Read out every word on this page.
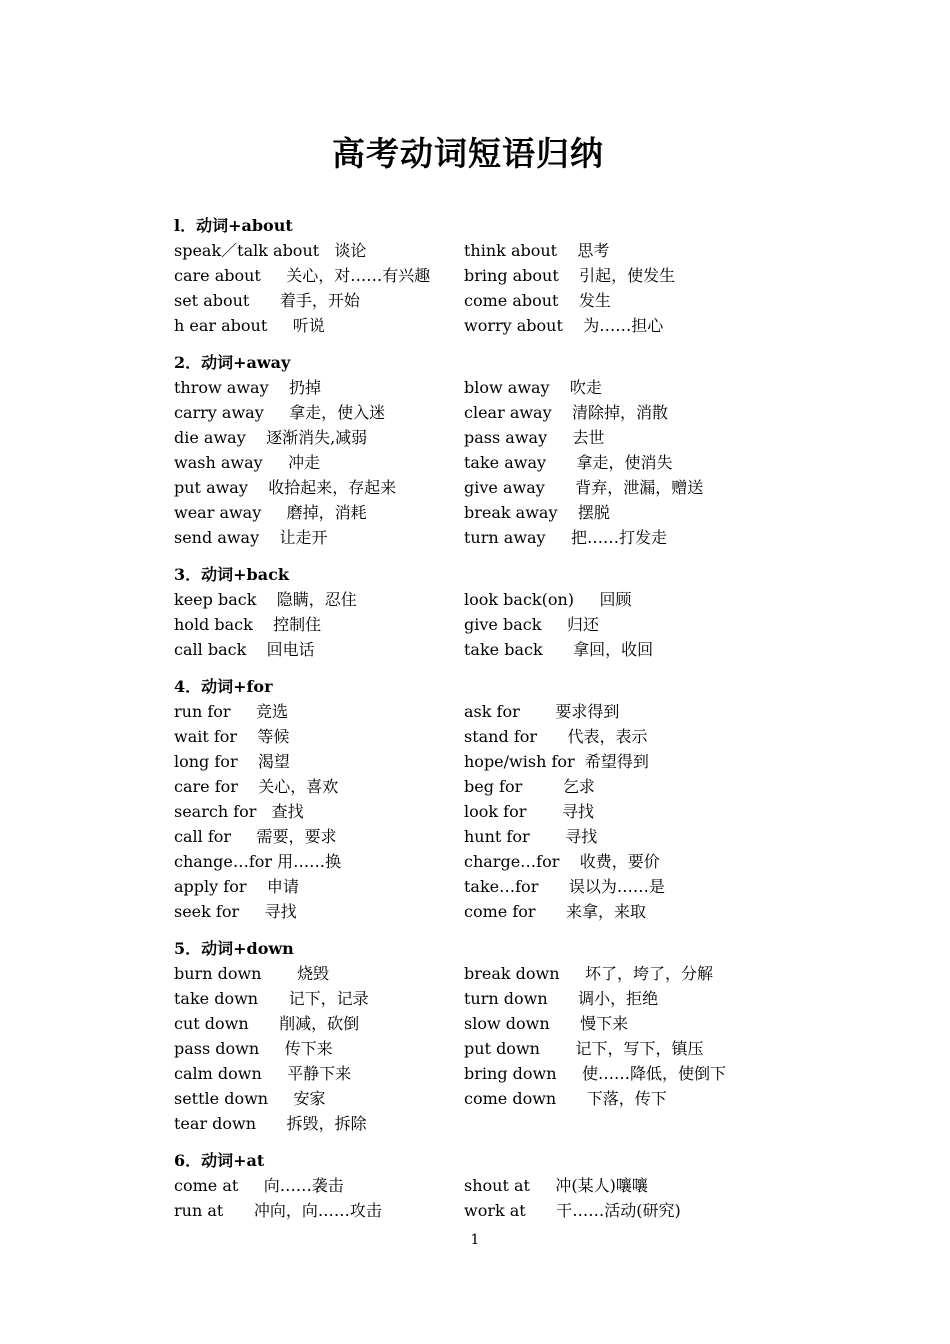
高考动词短语归纳
l．动词+about
speak／talk about   谈论	think about    思考
care about     关心，对……有兴趣 bring about    引起，使发生
set about      着手，开始	come about    发生
h ear about     听说	worry about    为……担心
2．动词+away
throw away    扔掉	blow away    吹走
carry away     拿走，使入迷	clear away    清除掉，消散
die away    逐渐消失,减弱	pass away     去世
wash away     冲走	take away      拿走，使消失
put away    收拾起来，存起来	give away      背弃，泄漏，赠送
wear away     磨掉，消耗	break away    摆脱
send away    让走开	turn away     把……打发走
3．动词+back
keep back    隐瞒，忍住	look back(on)     回顾
hold back    控制住	give back     归还
call back    回电话	take back      拿回，收回
4．动词+for
run for     竞选	ask for       要求得到
wait for    等候	stand for      代表，表示
long for    渴望	hope/wish for  希望得到
care for    关心，喜欢	beg for        乞求
search for   查找	look for       寻找
call for     需要，要求	hunt for       寻找
change…for 用……换	charge…for    收费，要价
apply for    申请	take…for      误以为……是
seek for     寻找	come for      来拿，来取
5．动词+down
burn down       烧毁	break down     坏了，垮了，分解
take down      记下，记录	turn down      调小，拒绝
cut down      削减，砍倒	slow down      慢下来
pass down     传下来	put down       记下，写下，镇压
calm down     平静下来	bring down     使……降低，使倒下
settle down     安家	come down      下落，传下
tear down      拆毁，拆除
6．动词+at
come at     向……袭击	shout at     冲(某人)嚷嚷
run at      冲向，向……攻击	work at      干……活动(研究)
1
